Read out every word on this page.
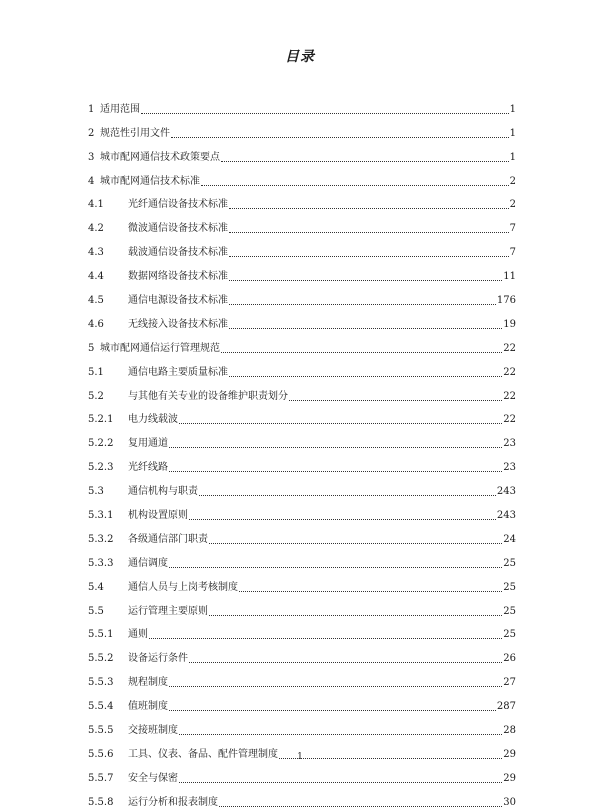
目录
1 适用范围	1
2 规范性引用文件	1
3 城市配网通信技术政策要点	1
4 城市配网通信技术标准	2
4.1	光纤通信设备技术标准	2
4.2	微波通信设备技术标准	7
4.3	载波通信设备技术标准	7
4.4	数据网络设备技术标准	11
4.5	通信电源设备技术标准	176
4.6	无线接入设备技术标准	19
5 城市配网通信运行管理规范	22
5.1	通信电路主要质量标准	22
5.2	与其他有关专业的设备维护职责划分	22
5.2.1	电力线载波	22
5.2.2	复用通道	23
5.2.3	光纤线路	23
5.3	通信机构与职责	243
5.3.1	机构设置原则	243
5.3.2	各级通信部门职责	24
5.3.3	通信调度	25
5.4	通信人员与上岗考核制度	25
5.5	运行管理主要原则	25
5.5.1	通则	25
5.5.2	设备运行条件	26
5.5.3	规程制度	27
5.5.4	值班制度	287
5.5.5	交接班制度	28
5.5.6	工具、仪表、备品、配件管理制度	29
5.5.7	安全与保密	29
5.5.8	运行分析和报表制度	30
1
